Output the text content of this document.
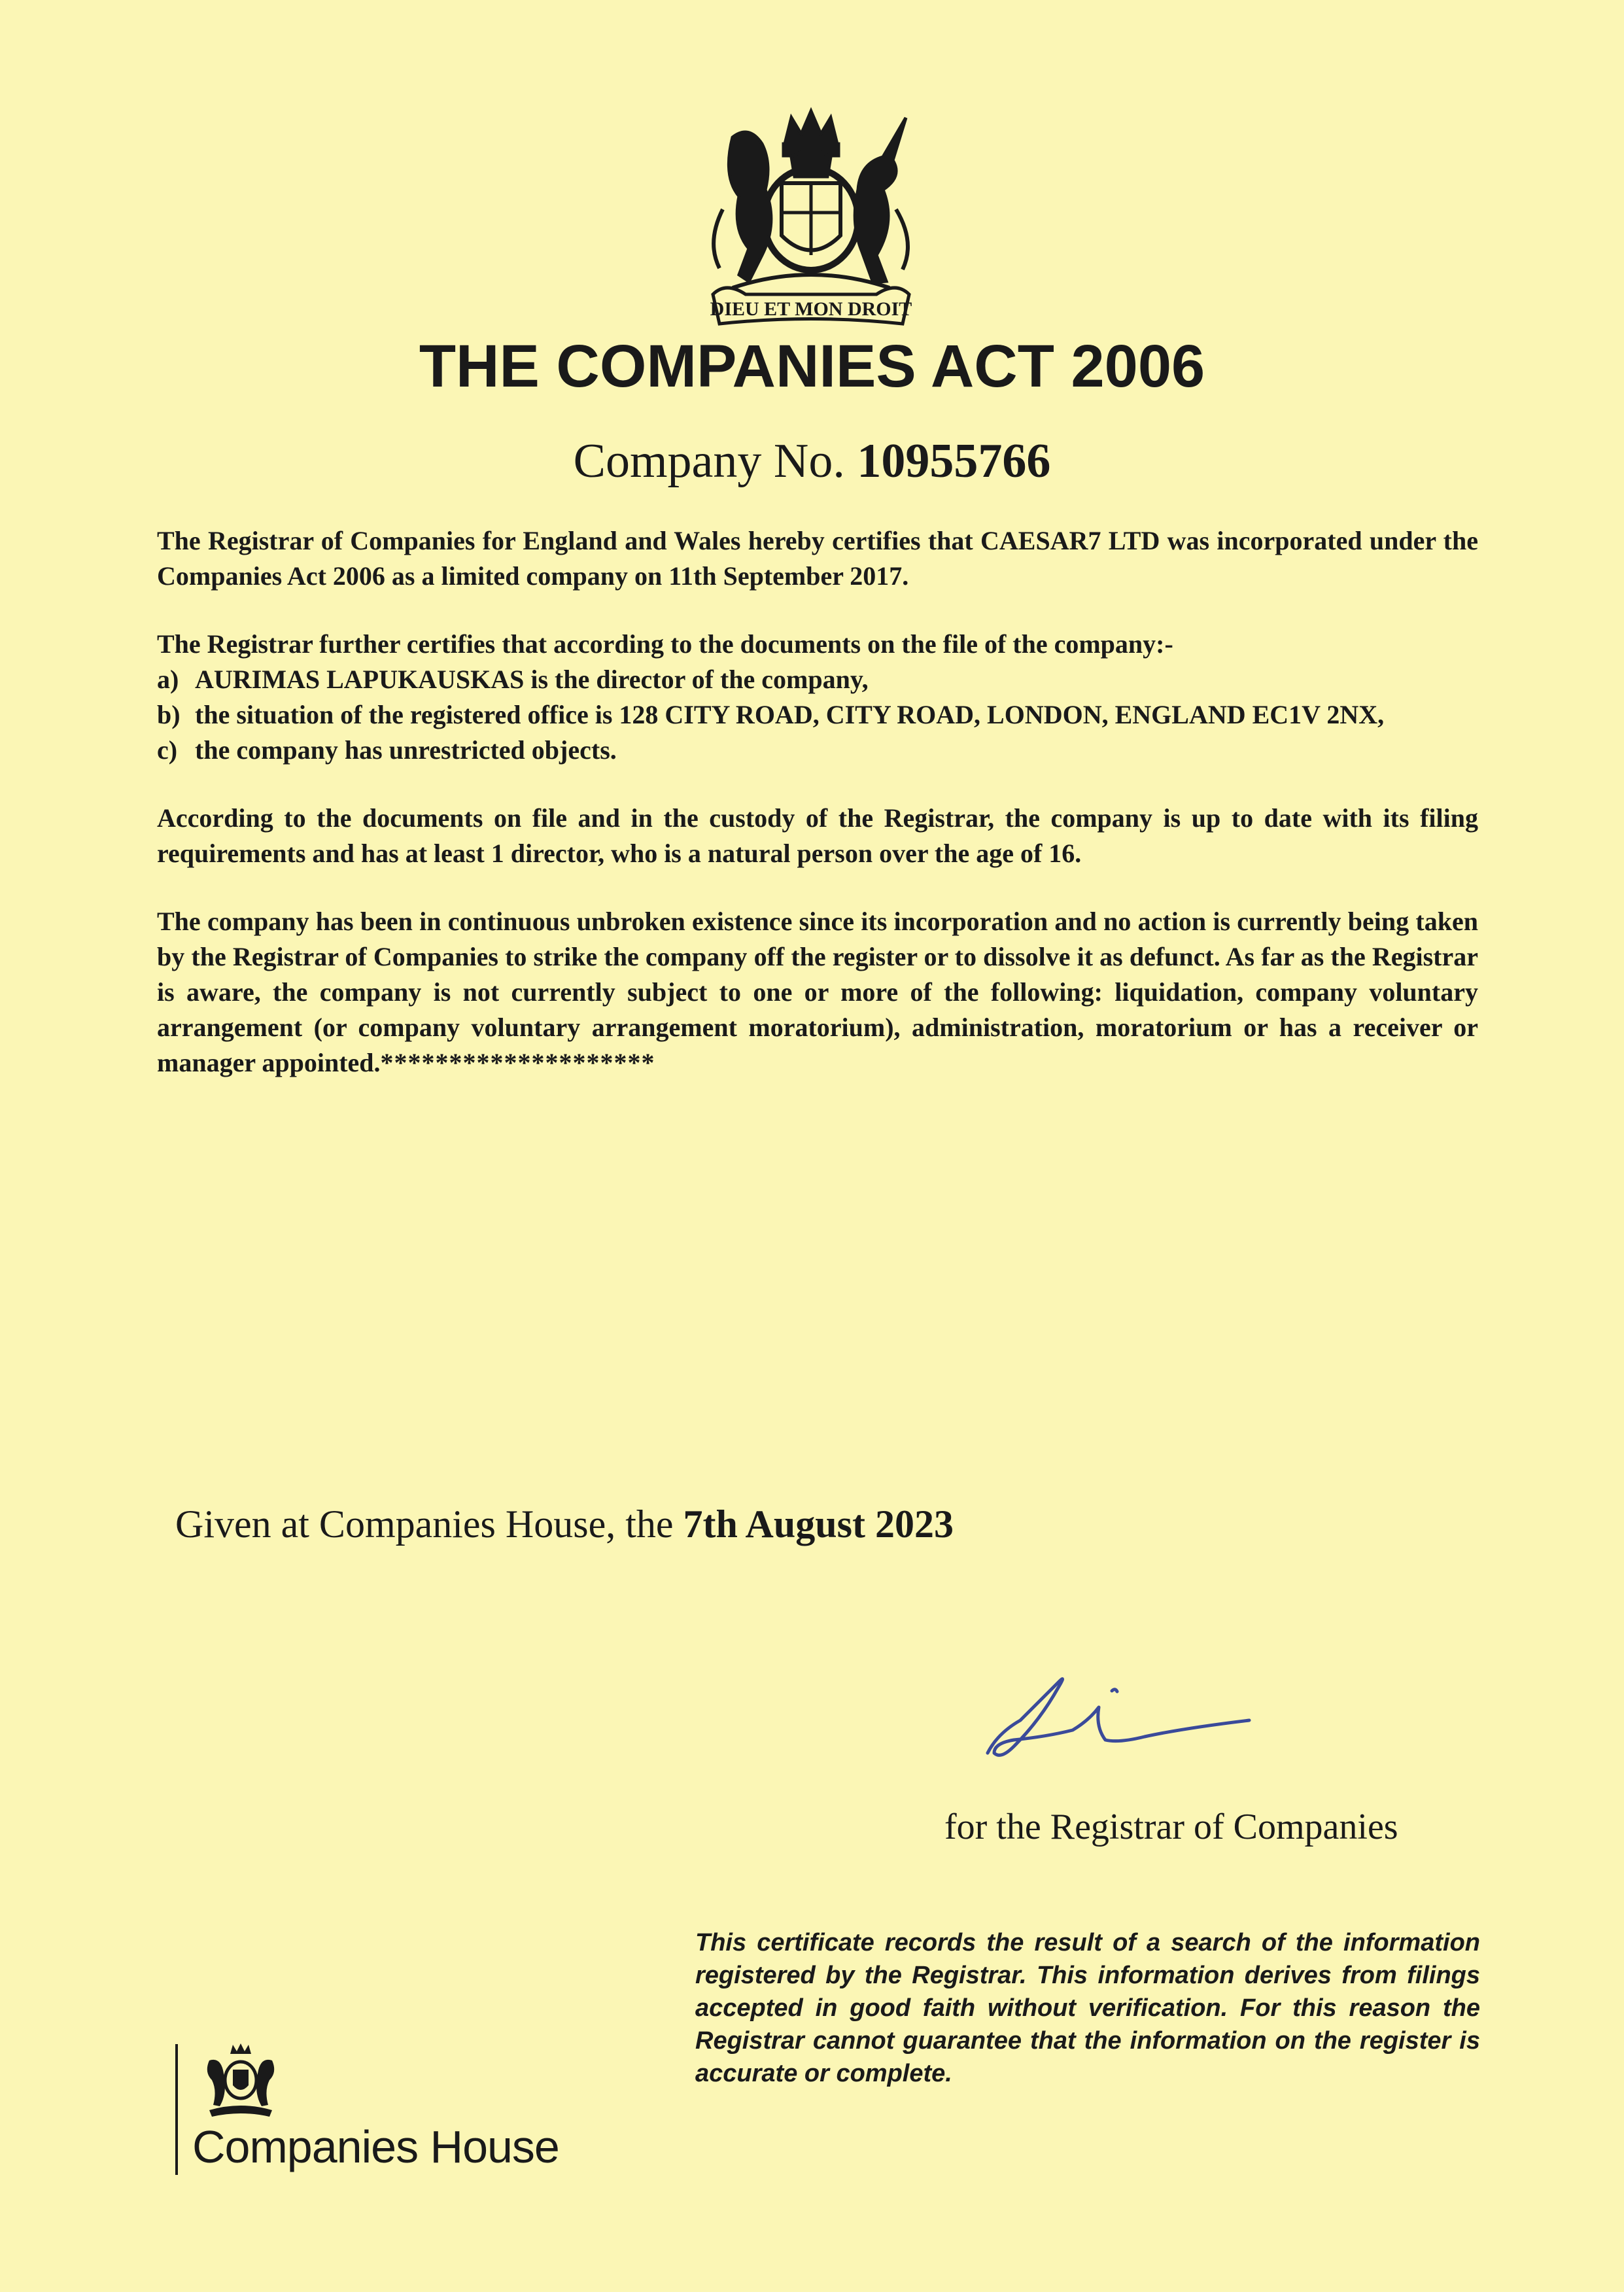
DIEU ET MON DROIT
THE COMPANIES ACT 2006
Company No. 10955766

The Registrar of Companies for England and Wales hereby certifies that CAESAR7 LTD was incorporated under the Companies Act 2006 as a limited company on 11th September 2017.

The Registrar further certifies that according to the documents on the file of the company:-

a) AURIMAS LAPUKAUSKAS is the director of the company,
b) the situation of the registered office is 128 CITY ROAD, CITY ROAD, LONDON, ENGLAND EC1V 2NX,
c) the company has unrestricted objects.

According to the documents on file and in the custody of the Registrar, the company is up to date with its filing requirements and has at least 1 director, who is a natural person over the age of 16.

The company has been in continuous unbroken existence since its incorporation and no action is currently being taken by the Registrar of Companies to strike the company off the register or to dissolve it as defunct. As far as the Registrar is aware, the company is not currently subject to one or more of the following: liquidation, company voluntary arrangement (or company voluntary arrangement moratorium), administration, moratorium or has a receiver or manager appointed.********************

Given at Companies House, the 7th August 2023
for the Registrar of Companies

This certificate records the result of a search of the information registered by the Registrar. This information derives from filings accepted in good faith without verification. For this reason the Registrar cannot guarantee that the information on the register is accurate or complete.

Companies House
